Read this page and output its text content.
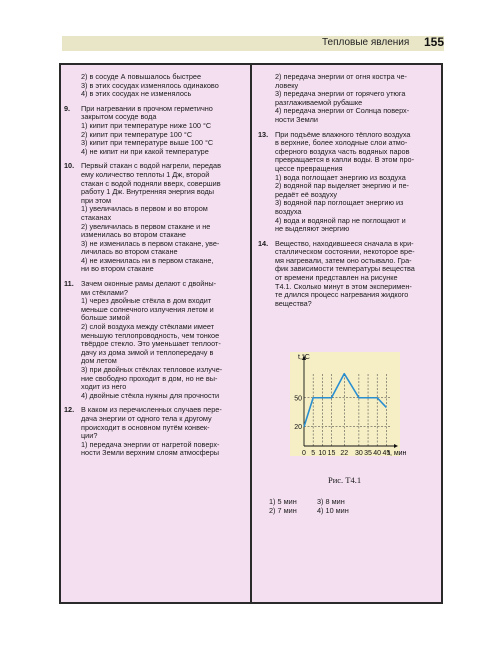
Тепловые явления 155
2) в сосуде А повышалось быстрее
3) в этих сосудах изменялось одинаково
4) в этих сосудах не изменялось
9. При нагревании в прочном герметично
закрытом сосуде вода
1) кипит при температуре ниже 100 °С
2) кипит при температуре 100 °С
3) кипит при температуре выше 100 °С
4) не кипит ни при какой температуре
10. Первый стакан с водой нагрели, передав
ему количество теплоты 1 Дж, второй
стакан с водой подняли вверх, совершив
работу 1 Дж. Внутренняя энергия воды
при этом
1) увеличилась в первом и во втором
стаканах
2) увеличилась в первом стакане и не
изменилась во втором стакане
3) не изменилась в первом стакане, уве-
личилась во втором стакане
4) не изменилась ни в первом стакане,
ни во втором стакане
11. Зачем оконные рамы делают с двойны-
ми стёклами?
1) через двойные стёкла в дом входит
меньше солнечного излучения летом и
больше зимой
2) слой воздуха между стёклами имеет
меньшую теплопроводность, чем тонкое
твёрдое стекло. Это уменьшает теплоот-
дачу из дома зимой и теплопередачу в
дом летом
3) при двойных стёклах тепловое излуче-
ние свободно проходит в дом, но не вы-
ходит из него
4) двойные стёкла нужны для прочности
12. В каком из перечисленных случаев пере-
дача энергии от одного тела к другому
происходит в основном путём конвек-
ции?
1) передача энергии от нагретой поверх-
ности Земли верхним слоям атмосферы
2) передача энергии от огня костра че-
ловеку
3) передача энергии от горячего утюга
разглаживаемой рубашке
4) передача энергии от Солнца поверх-
ности Земли
13. При подъёме влажного тёплого воздуха
в верхние, более холодные слои атмо-
сферного воздуха часть водяных паров
превращается в капли воды. В этом про-
цессе превращения
1) вода поглощает энергию из воздуха
2) водяной пар выделяет энергию и пе-
редаёт её воздуху
3) водяной пар поглощает энергию из
воздуха
4) вода и водяной пар не поглощают и
не выделяют энергию
14. Вещество, находившееся сначала в кри-
сталлическом состоянии, некоторое вре-
мя нагревали, затем оно остывало. Гра-
фик зависимости температуры вещества
от времени представлен на рисунке
Т4.1. Сколько минут в этом эксперимен-
те длился процесс нагревания жидкого
вещества?
0 5 10 15 22 30 35 40 45
20
50
t,°C
t, мин
Рис. Т4.1
1) 5 мин	3) 8 мин
2) 7 мин	4) 10 мин
